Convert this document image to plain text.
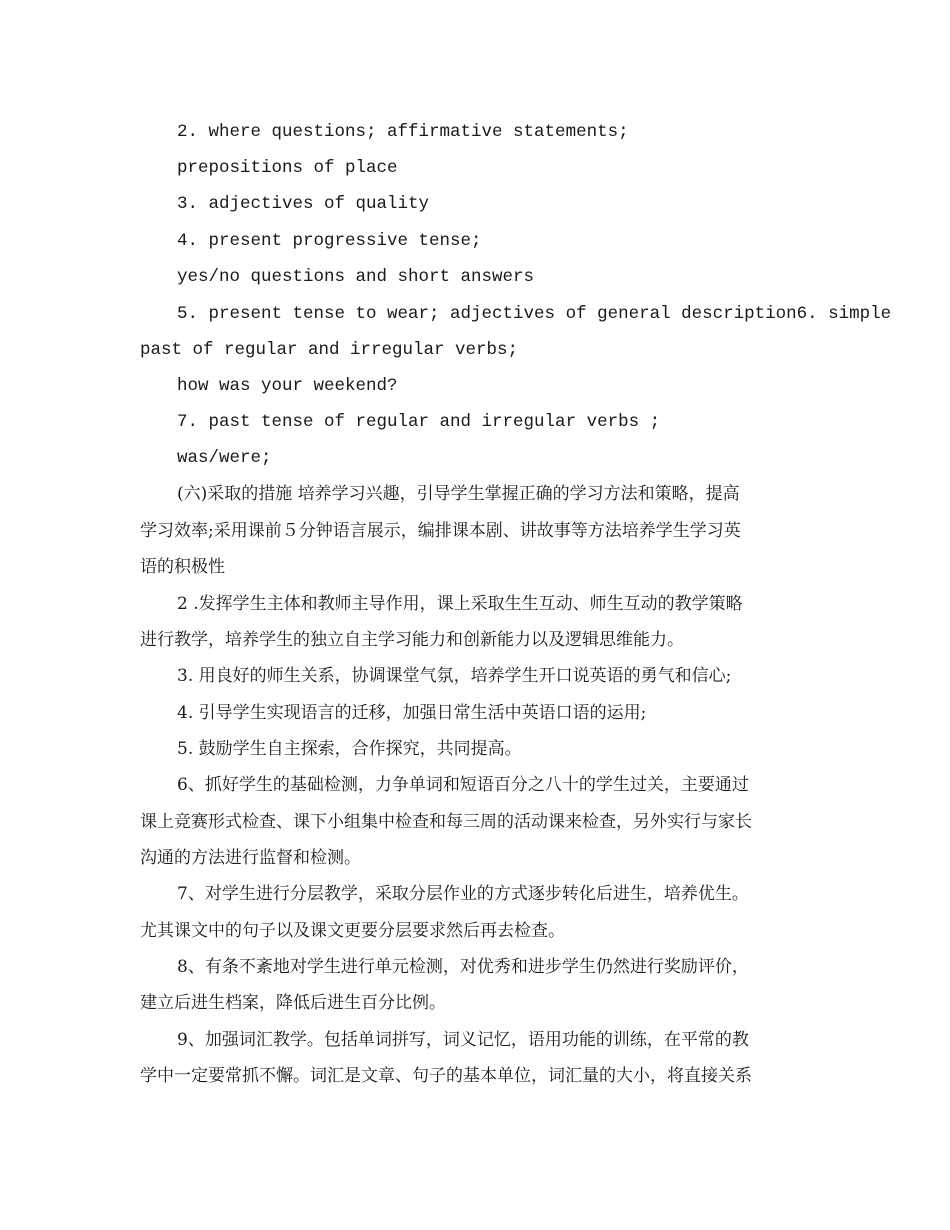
2. where questions; affirmative statements;
prepositions of place
3. adjectives of quality
4. present progressive tense;
yes/no questions and short answers
5. present tense to wear; adjectives of general description6. simple
past of regular and irregular verbs;
how was your weekend?
7. past tense of regular and irregular verbs ;
was/were;
(六)采取的措施 培养学习兴趣，引导学生掌握正确的学习方法和策略，提高
学习效率;采用课前５分钟语言展示，编排课本剧、讲故事等方法培养学生学习英
语的积极性
2 .发挥学生主体和教师主导作用，课上采取生生互动、师生互动的教学策略
进行教学，培养学生的独立自主学习能力和创新能力以及逻辑思维能力。
3. 用良好的师生关系，协调课堂气氛，培养学生开口说英语的勇气和信心;
4. 引导学生实现语言的迁移，加强日常生活中英语口语的运用;
5. 鼓励学生自主探索，合作探究，共同提高。
6、抓好学生的基础检测，力争单词和短语百分之八十的学生过关，主要通过
课上竞赛形式检查、课下小组集中检查和每三周的活动课来检查，另外实行与家长
沟通的方法进行监督和检测。
7、对学生进行分层教学，采取分层作业的方式逐步转化后进生，培养优生。
尤其课文中的句子以及课文更要分层要求然后再去检查。
8、有条不紊地对学生进行单元检测，对优秀和进步学生仍然进行奖励评价，
建立后进生档案，降低后进生百分比例。
9、加强词汇教学。包括单词拼写，词义记忆，语用功能的训练，在平常的教
学中一定要常抓不懈。词汇是文章、句子的基本单位，词汇量的大小，将直接关系
